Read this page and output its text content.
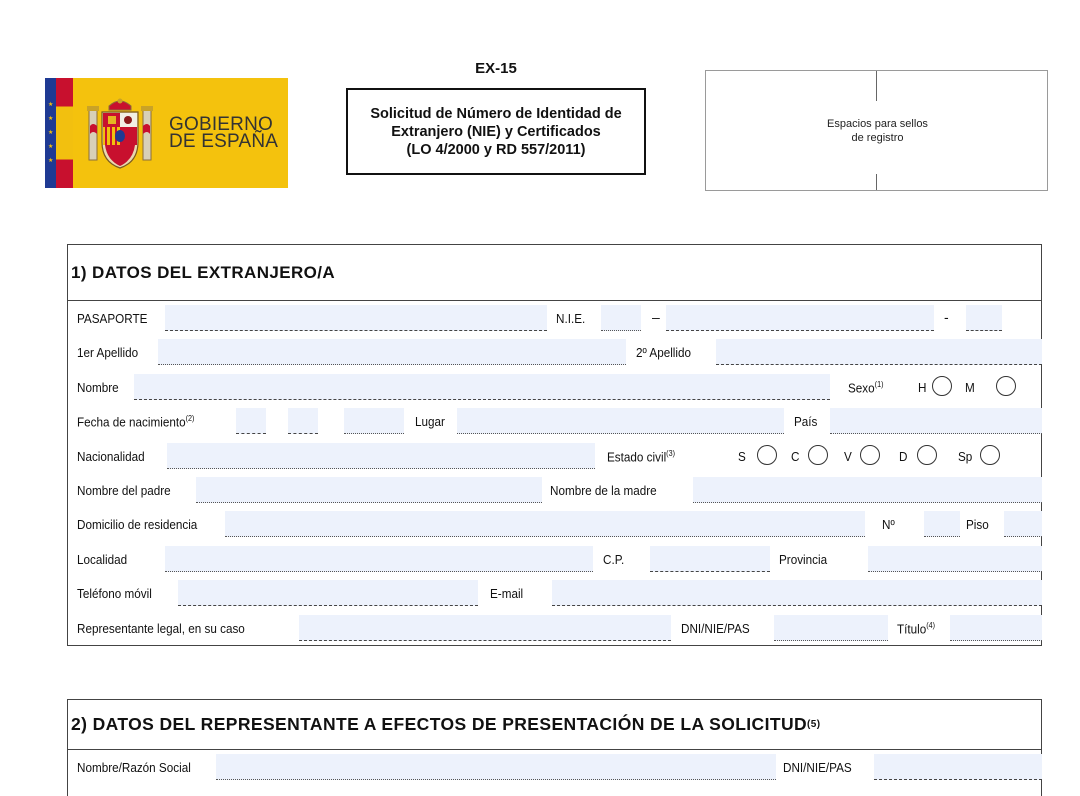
★
★
★
★
★
GOBIERNO
DE ESPAÑA
EX-15
Solicitud de Número de Identidad de
Extranjero (NIE) y Certificados
(LO 4/2000 y RD 557/2011)
Espacios para sellos
de registro
1) DATOS DEL EXTRANJERO/A
PASAPORTE	N.I.E.	–	-
1er Apellido	2º Apellido
Nombre	Sexo$^{(1)}$	H	M
Fecha de nacimiento$^{(2)}$	Lugar	País
Nacionalidad	Estado civil$^{(3)}$	S	C	V	D	Sp
Nombre del padre	Nombre de la madre
Domicilio de residencia	Nº	Piso
Localidad	C.P.	Provincia
Teléfono móvil	E-mail
Representante legal, en su caso	DNI/NIE/PAS	Título$^{(4)}$
2) DATOS DEL REPRESENTANTE A EFECTOS DE PRESENTACIÓN DE LA SOLICITUD (5)
Nombre/Razón Social	DNI/NIE/PAS
